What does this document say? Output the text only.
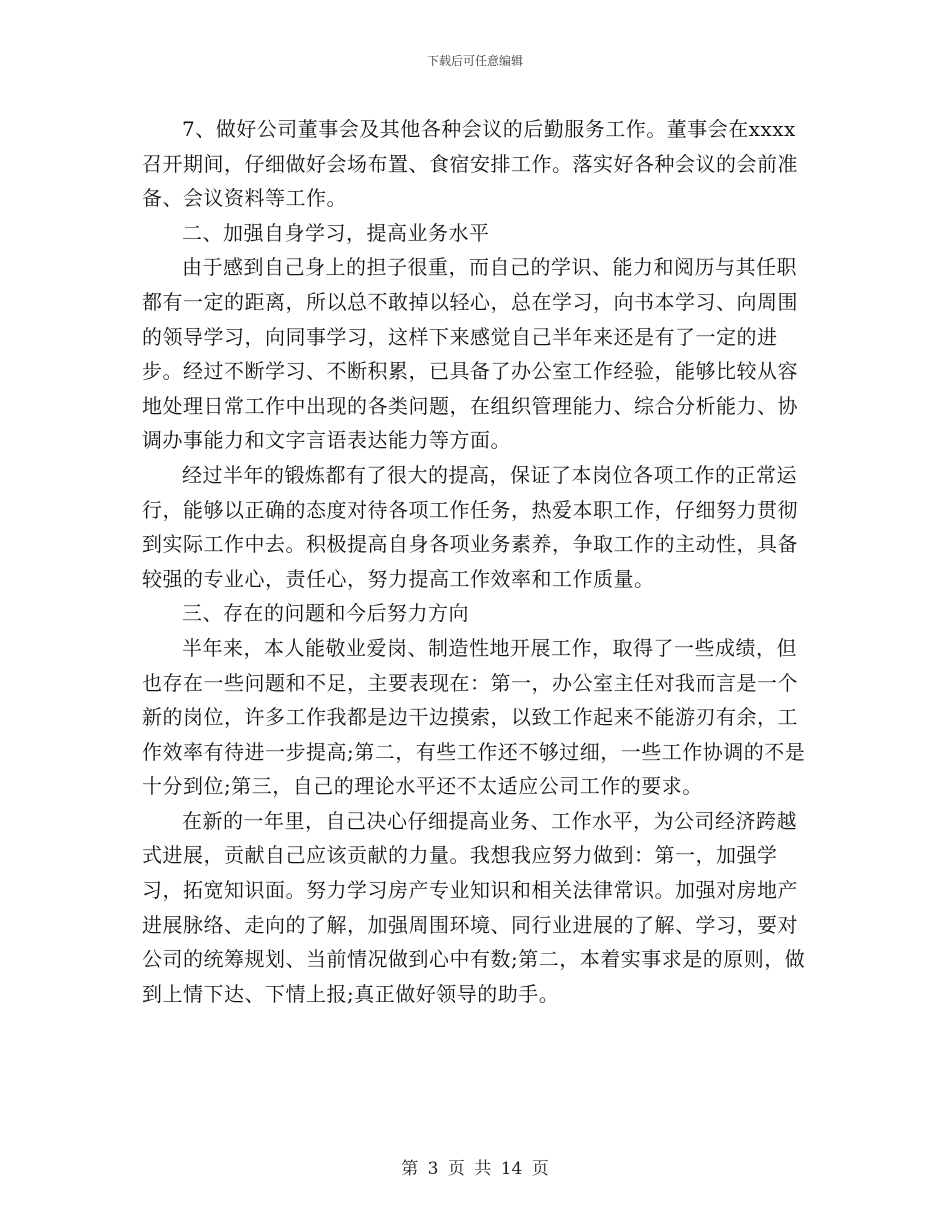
下载后可任意编辑

7、做好公司董事会及其他各种会议的后勤服务工作。董事会在xxxx召开期间，仔细做好会场布置、食宿安排工作。落实好各种会议的会前准备、会议资料等工作。

二、加强自身学习，提高业务水平

由于感到自己身上的担子很重，而自己的学识、能力和阅历与其任职都有一定的距离，所以总不敢掉以轻心，总在学习，向书本学习、向周围的领导学习，向同事学习，这样下来感觉自己半年来还是有了一定的进步。经过不断学习、不断积累，已具备了办公室工作经验，能够比较从容地处理日常工作中出现的各类问题，在组织管理能力、综合分析能力、协调办事能力和文字言语表达能力等方面。

经过半年的锻炼都有了很大的提高，保证了本岗位各项工作的正常运行，能够以正确的态度对待各项工作任务，热爱本职工作，仔细努力贯彻到实际工作中去。积极提高自身各项业务素养，争取工作的主动性，具备较强的专业心，责任心，努力提高工作效率和工作质量。

三、存在的问题和今后努力方向

半年来，本人能敬业爱岗、制造性地开展工作，取得了一些成绩，但也存在一些问题和不足，主要表现在：第一，办公室主任对我而言是一个新的岗位，许多工作我都是边干边摸索，以致工作起来不能游刃有余，工作效率有待进一步提高;第二，有些工作还不够过细，一些工作协调的不是十分到位;第三，自己的理论水平还不太适应公司工作的要求。

在新的一年里，自己决心仔细提高业务、工作水平，为公司经济跨越式进展，贡献自己应该贡献的力量。我想我应努力做到：第一，加强学习，拓宽知识面。努力学习房产专业知识和相关法律常识。加强对房地产进展脉络、走向的了解，加强周围环境、同行业进展的了解、学习，要对公司的统筹规划、当前情况做到心中有数;第二，本着实事求是的原则，做到上情下达、下情上报;真正做好领导的助手。

第 3 页 共 14 页
